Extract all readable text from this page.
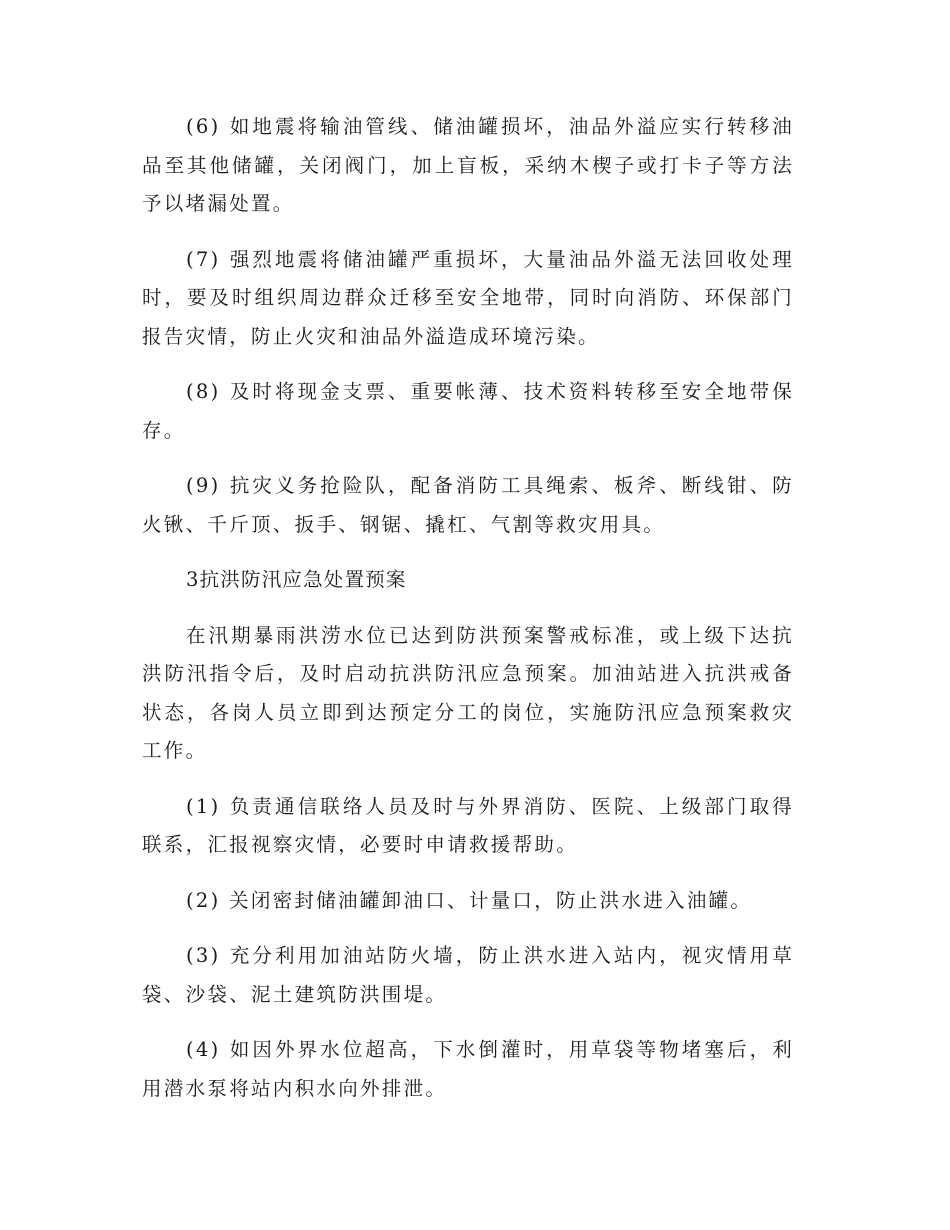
(6) 如地震将输油管线、储油罐损坏，油品外溢应实行转移油品至其他储罐，关闭阀门，加上盲板，采纳木楔子或打卡子等方法予以堵漏处置。

(7) 强烈地震将储油罐严重损坏，大量油品外溢无法回收处理时，要及时组织周边群众迁移至安全地带，同时向消防、环保部门报告灾情，防止火灾和油品外溢造成环境污染。

(8) 及时将现金支票、重要帐薄、技术资料转移至安全地带保存。

(9) 抗灾义务抢险队，配备消防工具绳索、板斧、断线钳、防火锹、千斤顶、扳手、钢锯、撬杠、气割等救灾用具。

3抗洪防汛应急处置预案

在汛期暴雨洪涝水位已达到防洪预案警戒标准，或上级下达抗洪防汛指令后，及时启动抗洪防汛应急预案。加油站进入抗洪戒备状态，各岗人员立即到达预定分工的岗位，实施防汛应急预案救灾工作。

(1) 负责通信联络人员及时与外界消防、医院、上级部门取得联系，汇报视察灾情，必要时申请救援帮助。

(2) 关闭密封储油罐卸油口、计量口，防止洪水进入油罐。

(3) 充分利用加油站防火墙，防止洪水进入站内，视灾情用草袋、沙袋、泥土建筑防洪围堤。

(4) 如因外界水位超高，下水倒灌时，用草袋等物堵塞后，利用潜水泵将站内积水向外排泄。
